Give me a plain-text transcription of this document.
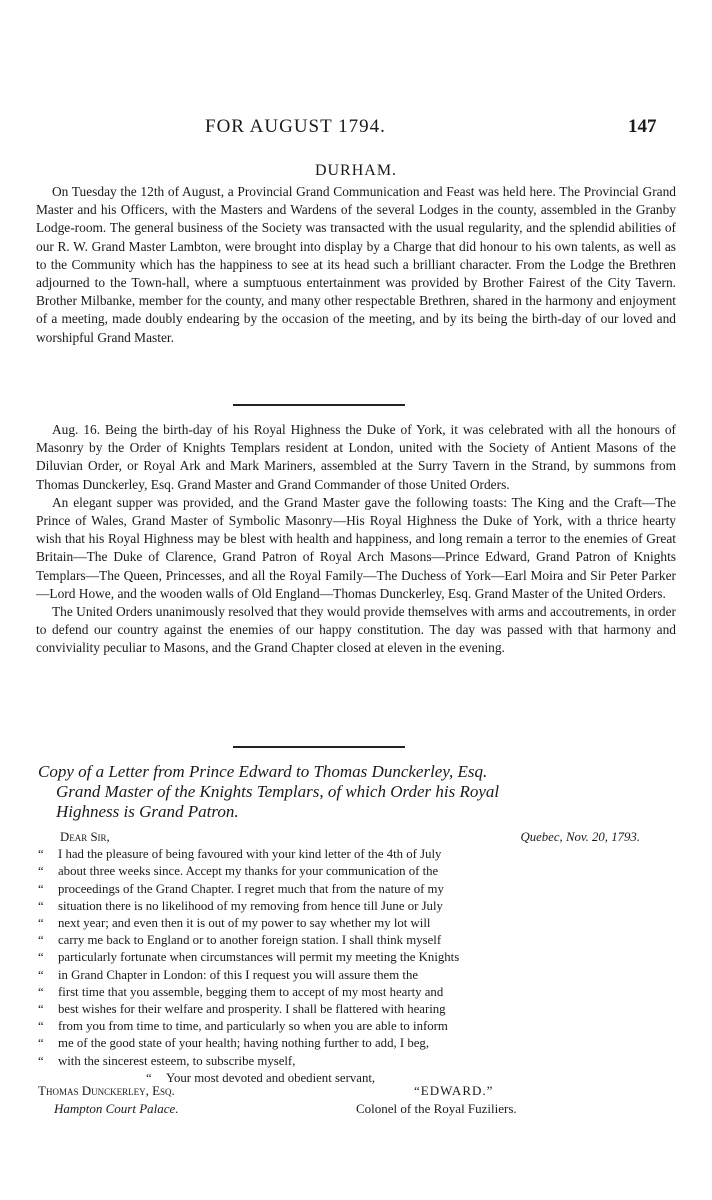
FOR AUGUST 1794.	147
DURHAM.

On Tuesday the 12th of August, a Provincial Grand Communication and Feast was held here. The Provincial Grand Master and his Officers, with the Masters and Wardens of the several Lodges in the county, assembled in the Granby Lodge-room. The general business of the Society was transacted with the usual regularity, and the splendid abilities of our R. W. Grand Master Lambton, were brought into display by a Charge that did honour to his own talents, as well as to the Community which has the happiness to see at its head such a brilliant character. From the Lodge the Brethren adjourned to the Town-hall, where a sumptuous entertainment was provided by Brother Fairest of the City Tavern. Brother Milbanke, member for the county, and many other respectable Brethren, shared in the harmony and enjoyment of a meeting, made doubly endearing by the occasion of the meeting, and by its being the birth-day of our loved and worshipful Grand Master.

Aug. 16. Being the birth-day of his Royal Highness the Duke of York, it was celebrated with all the honours of Masonry by the Order of Knights Templars resident at London, united with the Society of Antient Masons of the Diluvian Order, or Royal Ark and Mark Mariners, assembled at the Surry Tavern in the Strand, by summons from Thomas Dunckerley, Esq. Grand Master and Grand Commander of those United Orders.

An elegant supper was provided, and the Grand Master gave the following toasts: The King and the Craft—The Prince of Wales, Grand Master of Symbolic Masonry—His Royal Highness the Duke of York, with a thrice hearty wish that his Royal Highness may be blest with health and happiness, and long remain a terror to the enemies of Great Britain—The Duke of Clarence, Grand Patron of Royal Arch Masons—Prince Edward, Grand Patron of Knights Templars—The Queen, Princesses, and all the Royal Family—The Duchess of York—Earl Moira and Sir Peter Parker—Lord Howe, and the wooden walls of Old England—Thomas Dunckerley, Esq. Grand Master of the United Orders.

The United Orders unanimously resolved that they would provide themselves with arms and accoutrements, in order to defend our country against the enemies of our happy constitution. The day was passed with that harmony and conviviality peculiar to Masons, and the Grand Chapter closed at eleven in the evening.

Copy of a Letter from Prince Edward to Thomas Dunckerley, Esq.
Grand Master of the Knights Templars, of which Order his Royal
Highness is Grand Patron.
Dear Sir,	Quebec, Nov. 20, 1793.
“ I had the pleasure of being favoured with your kind letter of the 4th of July
“ about three weeks since. Accept my thanks for your communication of the
“ proceedings of the Grand Chapter. I regret much that from the nature of my
“ situation there is no likelihood of my removing from hence till June or July
“ next year; and even then it is out of my power to say whether my lot will
“ carry me back to England or to another foreign station. I shall think myself
“ particularly fortunate when circumstances will permit my meeting the Knights
“ in Grand Chapter in London: of this I request you will assure them the
“ first time that you assemble, begging them to accept of my most hearty and
“ best wishes for their welfare and prosperity. I shall be flattered with hearing
“ from you from time to time, and particularly so when you are able to inform
“ me of the good state of your health; having nothing further to add, I beg,
“ with the sincerest esteem, to subscribe myself,
“ Your most devoted and obedient servant,
Thomas Dunckerley, Esq.	“EDWARD.”
Hampton Court Palace.	Colonel of the Royal Fuziliers.
